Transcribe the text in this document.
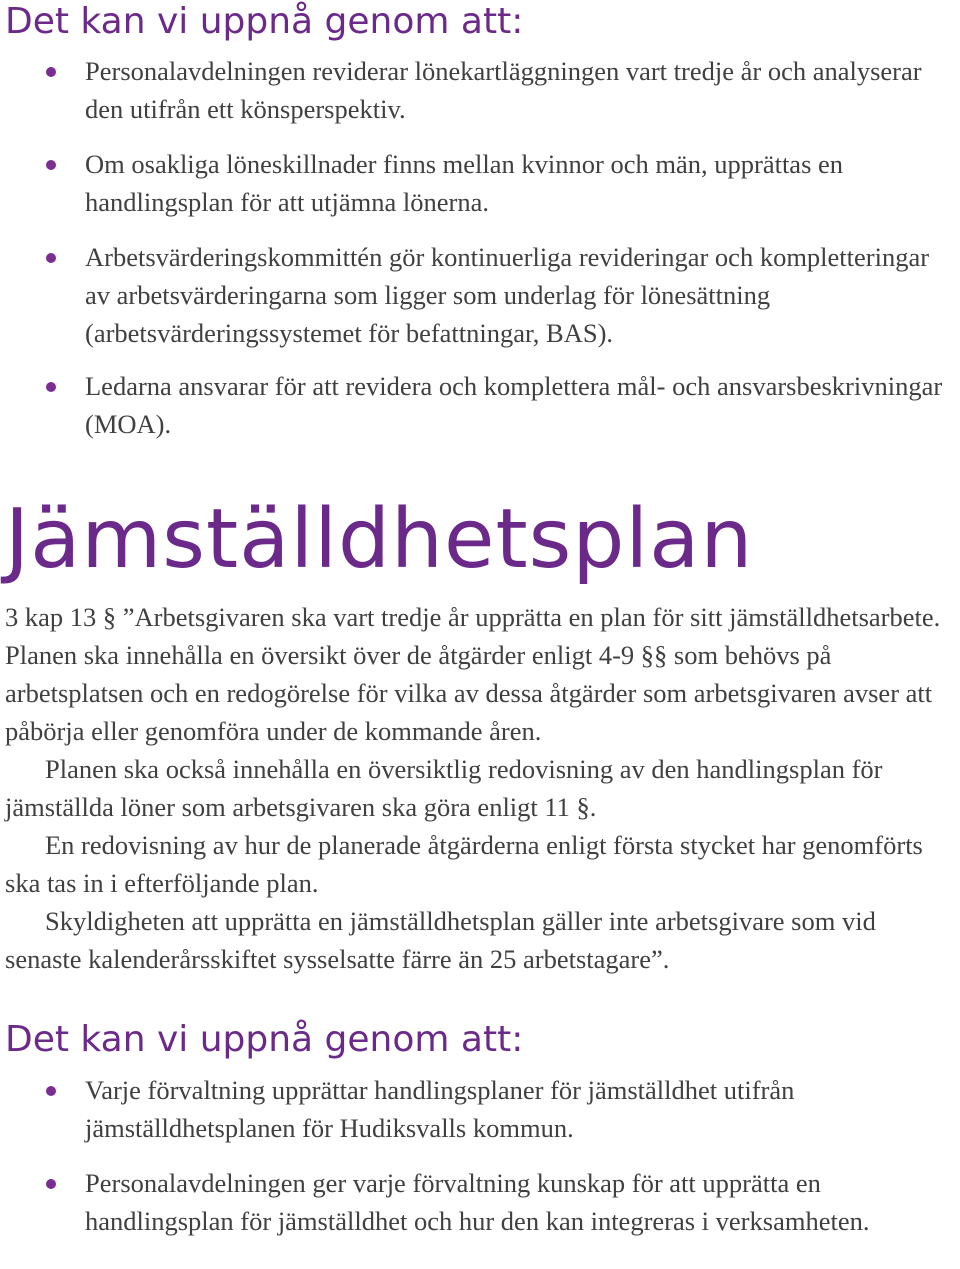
Det kan vi uppnå genom att:
Personalavdelningen reviderar lönekartläggningen vart tredje år och analyserar den utifrån ett könsperspektiv.
Om osakliga löneskillnader finns mellan kvinnor och män, upprättas en handlingsplan för att utjämna lönerna.
Arbetsvärderingskommittén gör kontinuerliga revideringar och kompletteringar av arbetsvärderingarna som ligger som underlag för lönesättning (arbetsvärderingssystemet för befattningar, BAS).
Ledarna ansvarar för att revidera och komplettera mål- och ansvarsbeskrivningar (MOA).
Jämställdhetsplan

3 kap 13 § ”Arbetsgivaren ska vart tredje år upprätta en plan för sitt jämställdhetsarbete. Planen ska innehålla en översikt över de åtgärder enligt 4-9 §§ som behövs på arbetsplatsen och en redogörelse för vilka av dessa åtgärder som arbetsgivaren avser att påbörja eller genomföra under de kommande åren.

Planen ska också innehålla en översiktlig redovisning av den handlingsplan för jämställda löner som arbetsgivaren ska göra enligt 11 §.

En redovisning av hur de planerade åtgärderna enligt första stycket har genomförts ska tas in i efterföljande plan.

Skyldigheten att upprätta en jämställdhetsplan gäller inte arbetsgivare som vid senaste kalenderårsskiftet sysselsatte färre än 25 arbetstagare”.

Det kan vi uppnå genom att:
Varje förvaltning upprättar handlingsplaner för jämställdhet utifrån jämställdhetsplanen för Hudiksvalls kommun.
Personalavdelningen ger varje förvaltning kunskap för att upprätta en handlingsplan för jämställdhet och hur den kan integreras i verksamheten.
